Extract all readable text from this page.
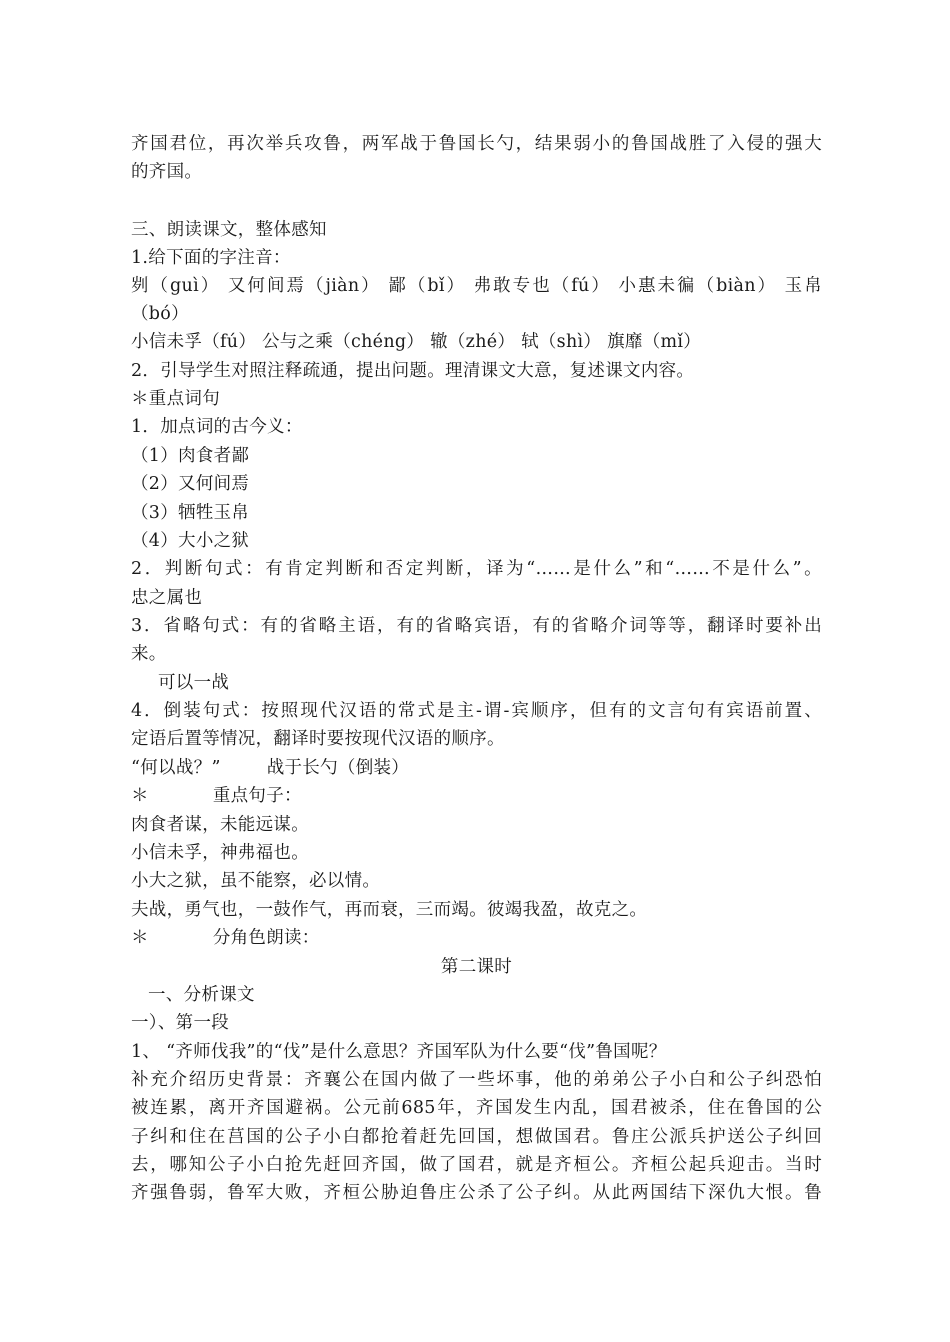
齐国君位，再次举兵攻鲁，两军战于鲁国长勺，结果弱小的鲁国战胜了入侵的强大
的齐国。
三、朗读课文，整体感知
1.给下面的字注音：
刿（guì） 又何间焉（jiàn） 鄙（bǐ） 弗敢专也（fú） 小惠未徧（biàn） 玉帛
（bó）
小信未孚（fú） 公与之乘（chéng） 辙（zhé） 轼（shì） 旗靡（mǐ）
2．引导学生对照注释疏通，提出问题。理清课文大意，复述课文内容。
＊重点词句
1．加点词的古今义：
（1）肉食者鄙
（2）又何间焉
（3）牺牲玉帛
（4）大小之狱
2．判断句式：有肯定判断和否定判断，译为“……是什么”和“……不是什么”。
忠之属也
3．省略句式：有的省略主语，有的省略宾语，有的省略介词等等，翻译时要补出
来。
可以一战
4．倒装句式：按照现代汉语的常式是主-谓-宾顺序，但有的文言句有宾语前置、
定语后置等情况，翻译时要按现代汉语的顺序。
“何以战？”	战于长勺（倒装）
＊	重点句子：
肉食者谋，未能远谋。
小信未孚，神弗福也。
小大之狱，虽不能察，必以情。
夫战，勇气也，一鼓作气，再而衰，三而竭。彼竭我盈，故克之。
＊	分角色朗读：
第二课时
一、分析课文
一）、第一段
1、 “齐师伐我”的“伐”是什么意思？齐国军队为什么要“伐”鲁国呢？
补充介绍历史背景：齐襄公在国内做了一些坏事，他的弟弟公子小白和公子纠恐怕
被连累，离开齐国避祸。公元前685年，齐国发生内乱，国君被杀，住在鲁国的公
子纠和住在莒国的公子小白都抢着赶先回国，想做国君。鲁庄公派兵护送公子纠回
去，哪知公子小白抢先赶回齐国，做了国君，就是齐桓公。齐桓公起兵迎击。当时
齐强鲁弱，鲁军大败，齐桓公胁迫鲁庄公杀了公子纠。从此两国结下深仇大恨。鲁
